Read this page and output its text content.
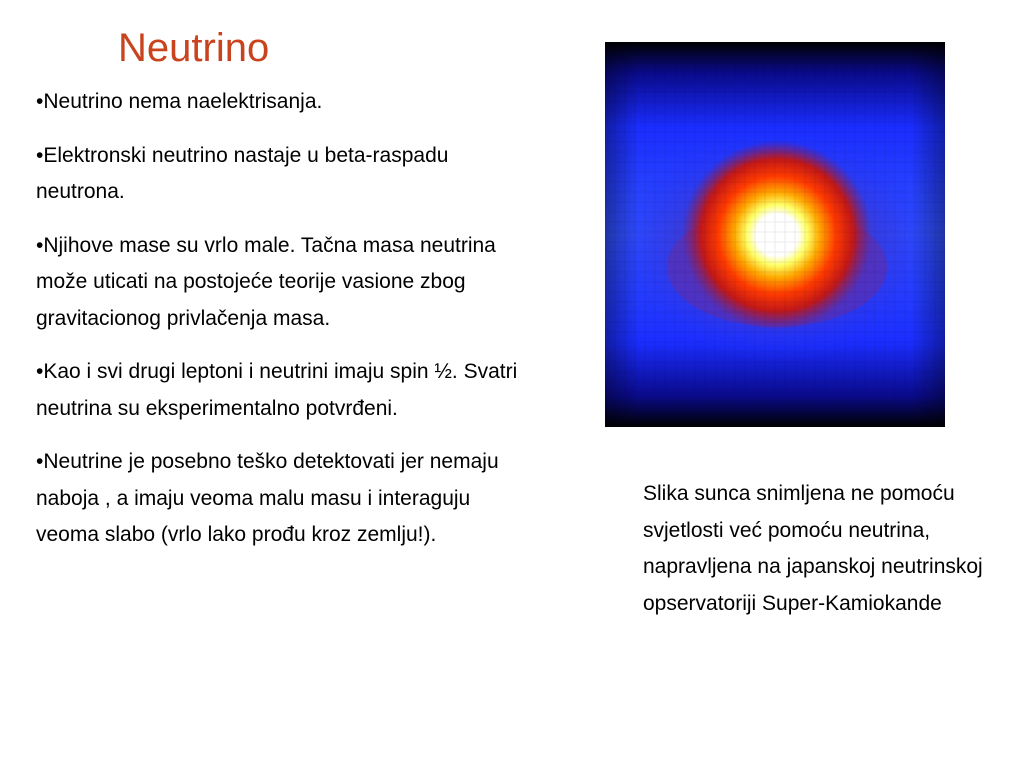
Neutrino
•Neutrino nema naelektrisanja.
•Elektronski neutrino nastaje u beta-raspadu neutrona.
•Njihove mase su vrlo male. Tačna masa neutrina može uticati na postojeće teorije vasione zbog gravitacionog privlačenja masa.
•Kao i svi drugi leptoni i neutrini imaju spin ½. Svatri neutrina su eksperimentalno potvrđeni.
•Neutrine je posebno teško detektovati jer nemaju naboja , a imaju veoma malu masu i interaguju veoma slabo (vrlo lako prođu kroz zemlju!).

Slika sunca snimljena ne pomoću svjetlosti već pomoću neutrina, napravljena na japanskoj neutrinskoj opservatoriji Super-Kamiokande
